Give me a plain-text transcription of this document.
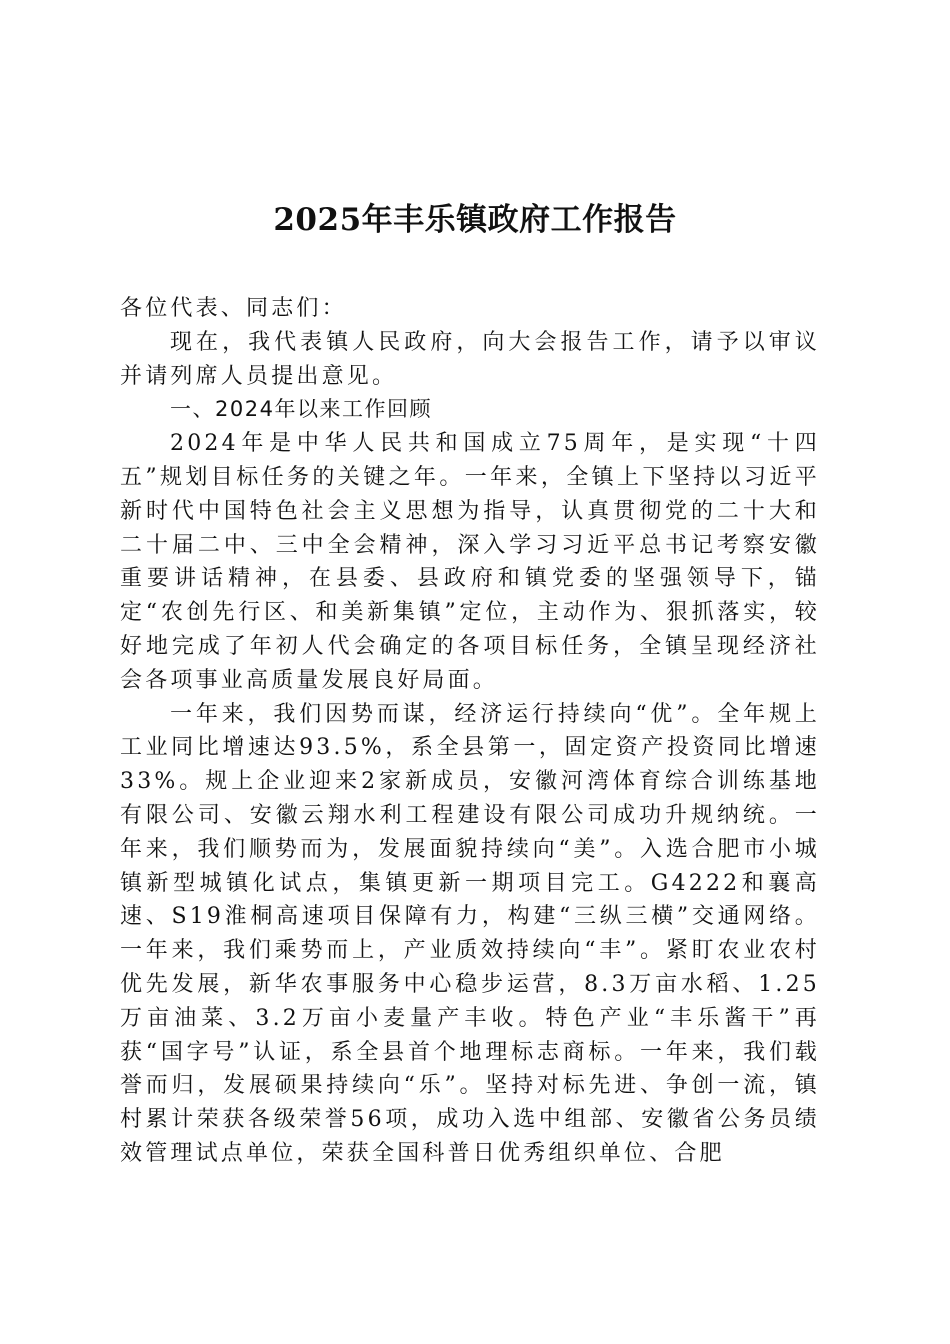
2025年丰乐镇政府工作报告

各位代表、同志们：

现在，我代表镇人民政府，向大会报告工作，请予以审议并请列席人员提出意见。

一、2024年以来工作回顾

2024年是中华人民共和国成立75周年，是实现“十四五”规划目标任务的关键之年。一年来，全镇上下坚持以习近平新时代中国特色社会主义思想为指导，认真贯彻党的二十大和二十届二中、三中全会精神，深入学习习近平总书记考察安徽重要讲话精神，在县委、县政府和镇党委的坚强领导下，锚定“农创先行区、和美新集镇”定位，主动作为、狠抓落实，较好地完成了年初人代会确定的各项目标任务，全镇呈现经济社会各项事业高质量发展良好局面。

一年来，我们因势而谋，经济运行持续向“优”。全年规上工业同比增速达93.5%，系全县第一，固定资产投资同比增速33%。规上企业迎来2家新成员，安徽河湾体育综合训练基地有限公司、安徽云翔水利工程建设有限公司成功升规纳统。一年来，我们顺势而为，发展面貌持续向“美”。入选合肥市小城镇新型城镇化试点，集镇更新一期项目完工。G4222和襄高速、S19淮桐高速项目保障有力，构建“三纵三横”交通网络。一年来，我们乘势而上，产业质效持续向“丰”。紧盯农业农村优先发展，新华农事服务中心稳步运营，8.3万亩水稻、1.25万亩油菜、3.2万亩小麦量产丰收。特色产业“丰乐酱干”再获“国字号”认证，系全县首个地理标志商标。一年来，我们载誉而归，发展硕果持续向“乐”。坚持对标先进、争创一流，镇村累计荣获各级荣誉56项，成功入选中组部、安徽省公务员绩效管理试点单位，荣获全国科普日优秀组织单位、合肥
